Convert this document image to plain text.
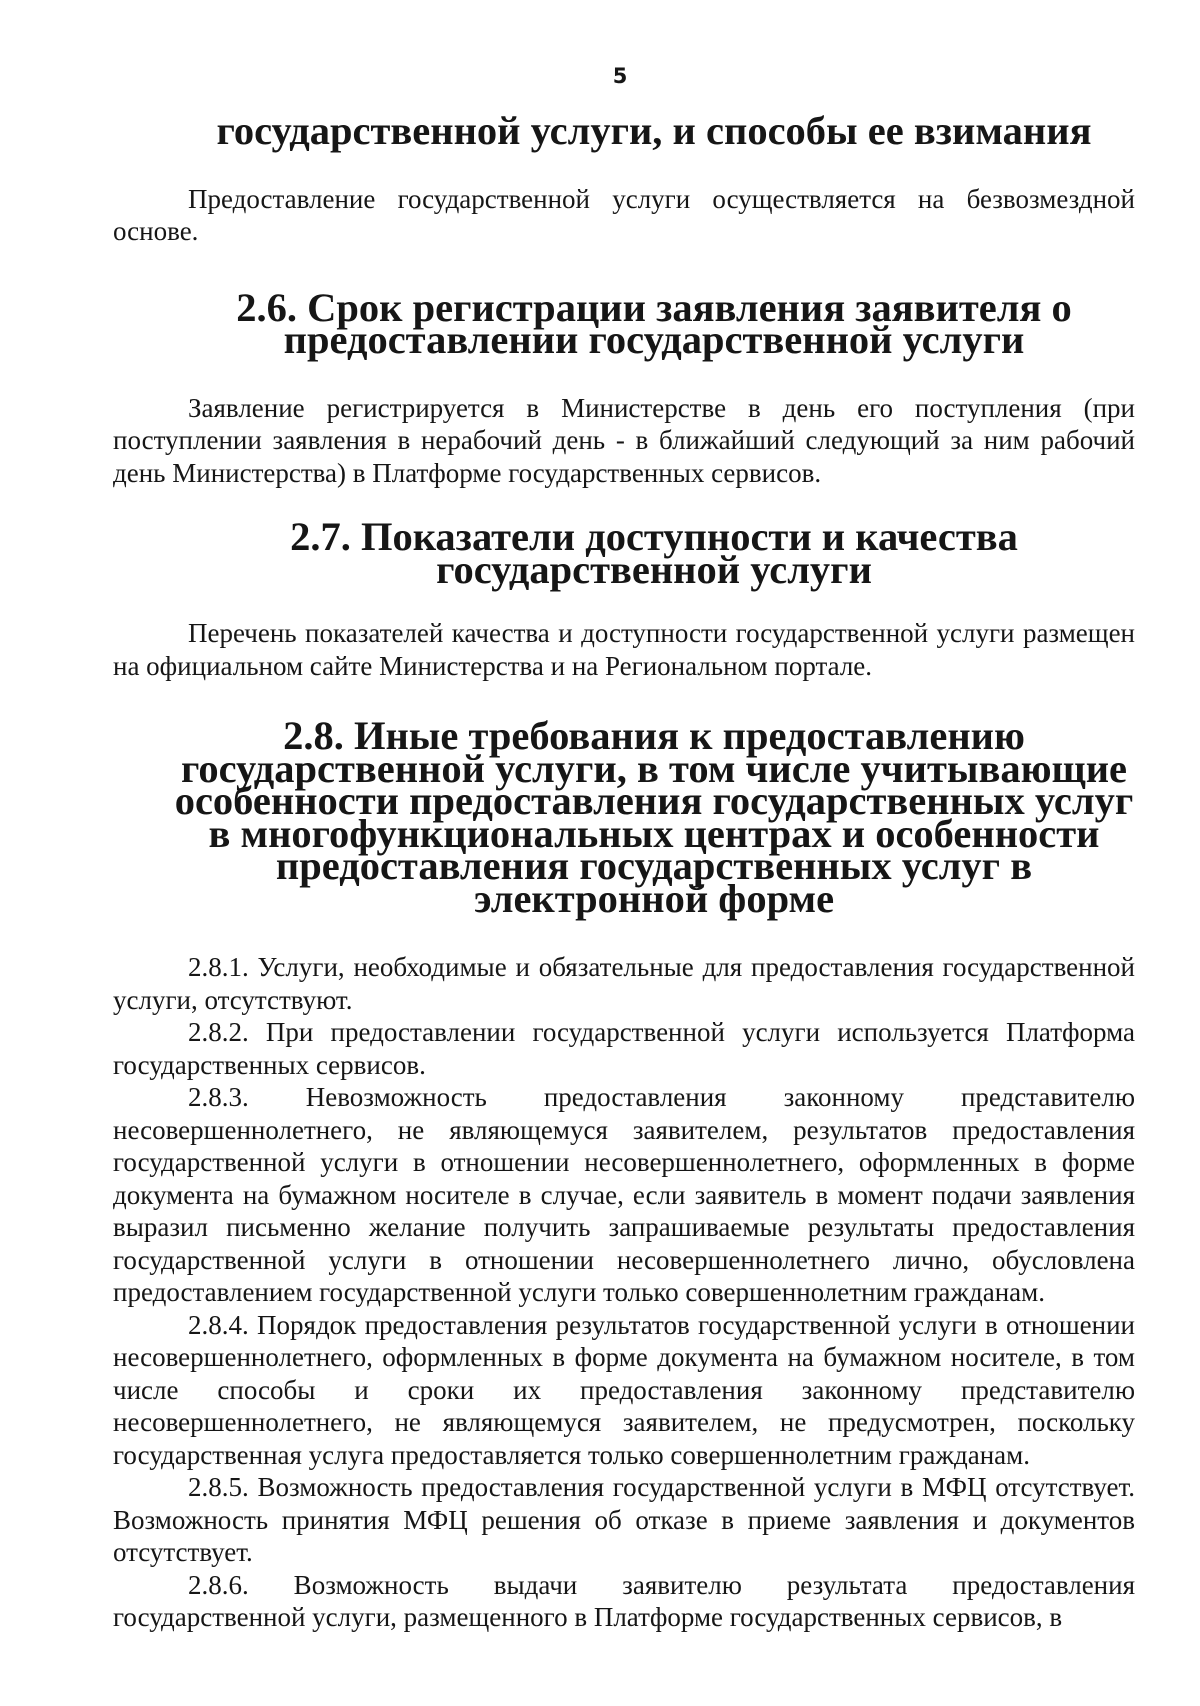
5
государственной услуги, и способы ее взимания

Предоставление государственной услуги осуществляется на безвозмездной основе.

2.6. Срок регистрации заявления заявителя о предоставлении государственной услуги

Заявление регистрируется в Министерстве в день его поступления (при поступлении заявления в нерабочий день - в ближайший следующий за ним рабочий день Министерства) в Платформе государственных сервисов.

2.7. Показатели доступности и качества государственной услуги

Перечень показателей качества и доступности государственной услуги размещен на официальном сайте Министерства и на Региональном портале.

2.8. Иные требования к предоставлению государственной услуги, в том числе учитывающие особенности предоставления государственных услуг в многофункциональных центрах и особенности предоставления государственных услуг в электронной форме

2.8.1. Услуги, необходимые и обязательные для предоставления государственной услуги, отсутствуют.

2.8.2. При предоставлении государственной услуги используется Платформа государственных сервисов.

2.8.3. Невозможность предоставления законному представителю несовершеннолетнего, не являющемуся заявителем, результатов предоставления государственной услуги в отношении несовершеннолетнего, оформленных в форме документа на бумажном носителе в случае, если заявитель в момент подачи заявления выразил письменно желание получить запрашиваемые результаты предоставления государственной услуги в отношении несовершеннолетнего лично, обусловлена предоставлением государственной услуги только совершеннолетним гражданам.

2.8.4. Порядок предоставления результатов государственной услуги в отношении несовершеннолетнего, оформленных в форме документа на бумажном носителе, в том числе способы и сроки их предоставления законному представителю несовершеннолетнего, не являющемуся заявителем, не предусмотрен, поскольку государственная услуга предоставляется только совершеннолетним гражданам.

2.8.5. Возможность предоставления государственной услуги в МФЦ отсутствует. Возможность принятия МФЦ решения об отказе в приеме заявления и документов отсутствует.

2.8.6. Возможность выдачи заявителю результата предоставления государственной услуги, размещенного в Платформе государственных сервисов, в
